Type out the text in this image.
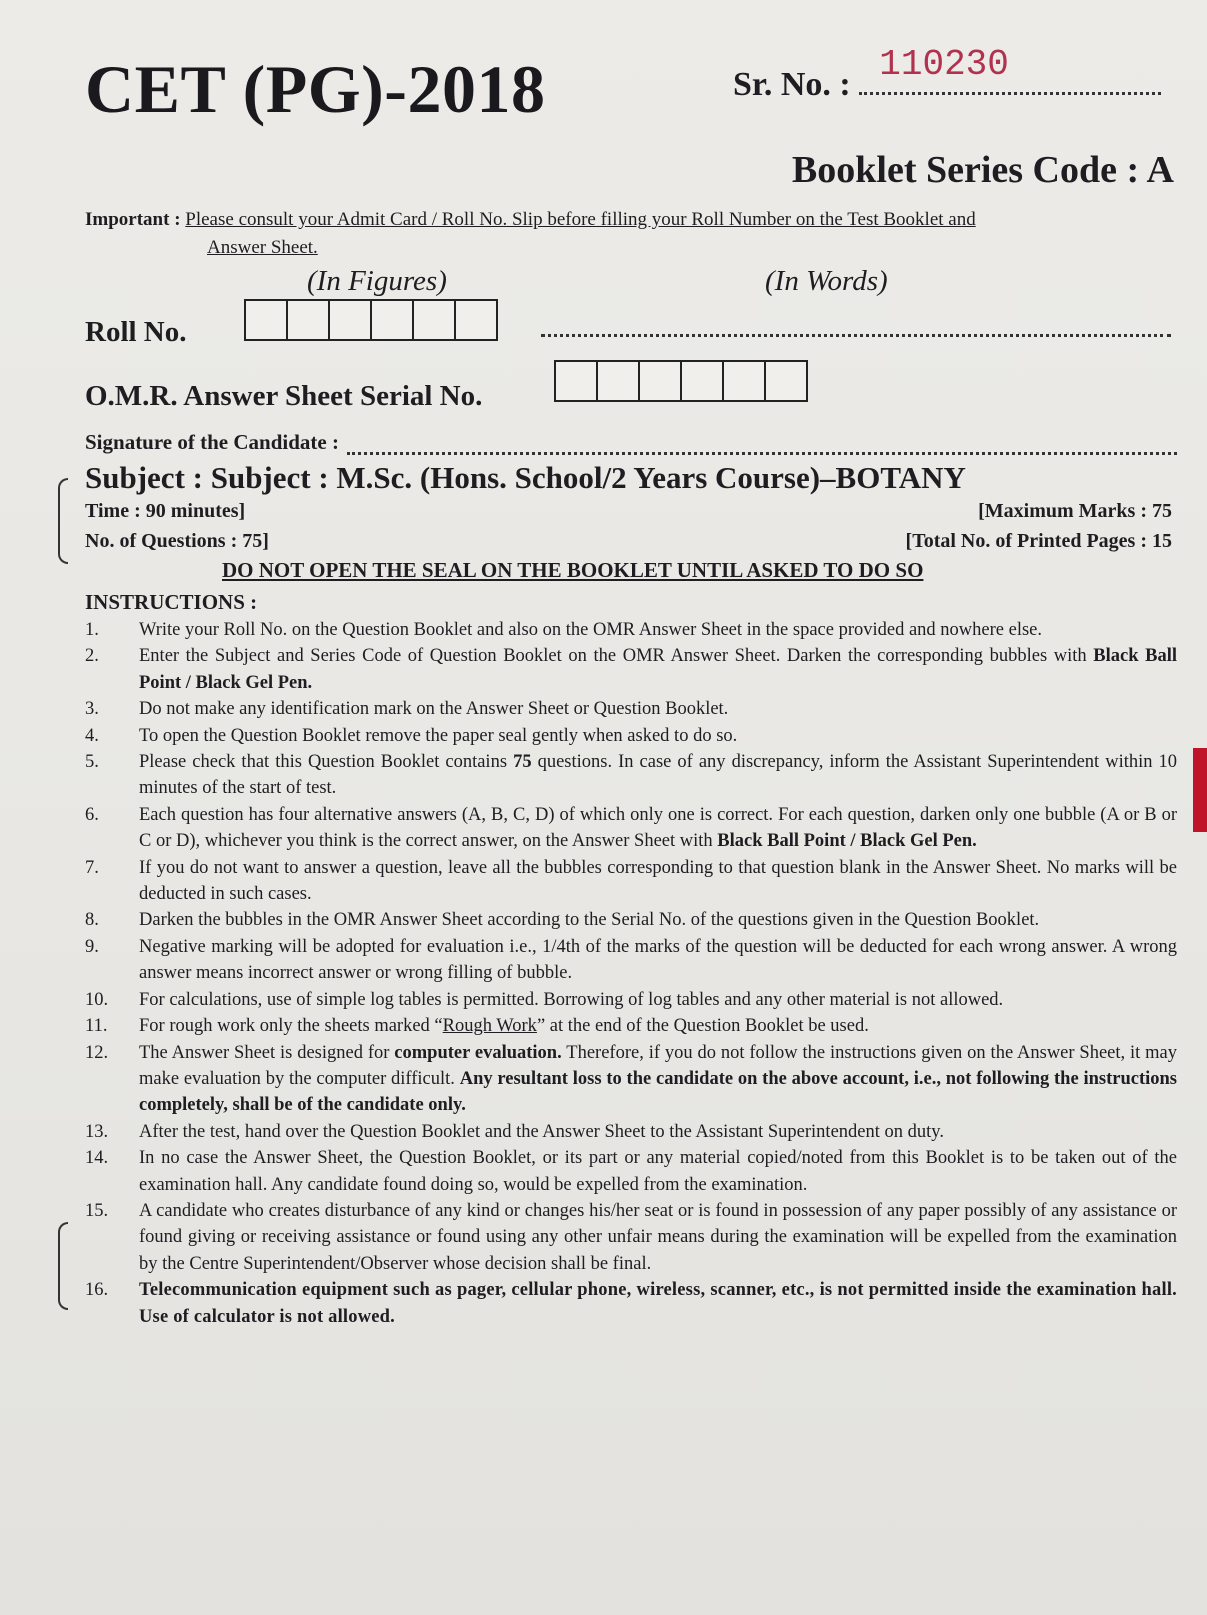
CET (PG)-2018	Sr. No. : 110230
Booklet Series Code : A
Important : Please consult your Admit Card / Roll No. Slip before filling your Roll Number on the Test Booklet and
Answer Sheet.
(In Figures)	(In Words)
Roll No.
O.M.R. Answer Sheet Serial No.
Signature of the Candidate :
Subject : Subject : M.Sc. (Hons. School/2 Years Course)–BOTANY
Time : 90 minutes]	[Maximum Marks : 75
No. of Questions : 75]	[Total No. of Printed Pages : 15
DO NOT OPEN THE SEAL ON THE BOOKLET UNTIL ASKED TO DO SO
INSTRUCTIONS :
1.	Write your Roll No. on the Question Booklet and also on the OMR Answer Sheet in the space provided and nowhere else.
2.	Enter the Subject and Series Code of Question Booklet on the OMR Answer Sheet. Darken the corresponding bubbles with Black Ball Point / Black Gel Pen.
3.	Do not make any identification mark on the Answer Sheet or Question Booklet.
4.	To open the Question Booklet remove the paper seal gently when asked to do so.
5.	Please check that this Question Booklet contains 75 questions. In case of any discrepancy, inform the Assistant Superintendent within 10 minutes of the start of test.
6.	Each question has four alternative answers (A, B, C, D) of which only one is correct. For each question, darken only one bubble (A or B or C or D), whichever you think is the correct answer, on the Answer Sheet with Black Ball Point / Black Gel Pen.
7.	If you do not want to answer a question, leave all the bubbles corresponding to that question blank in the Answer Sheet. No marks will be deducted in such cases.
8.	Darken the bubbles in the OMR Answer Sheet according to the Serial No. of the questions given in the Question Booklet.
9.	Negative marking will be adopted for evaluation i.e., 1/4th of the marks of the question will be deducted for each wrong answer. A wrong answer means incorrect answer or wrong filling of bubble.
10.	For calculations, use of simple log tables is permitted. Borrowing of log tables and any other material is not allowed.
11.	For rough work only the sheets marked “Rough Work” at the end of the Question Booklet be used.
12.	The Answer Sheet is designed for computer evaluation. Therefore, if you do not follow the instructions given on the Answer Sheet, it may make evaluation by the computer difficult. Any resultant loss to the candidate on the above account, i.e., not following the instructions completely, shall be of the candidate only.
13.	After the test, hand over the Question Booklet and the Answer Sheet to the Assistant Superintendent on duty.
14.	In no case the Answer Sheet, the Question Booklet, or its part or any material copied/noted from this Booklet is to be taken out of the examination hall. Any candidate found doing so, would be expelled from the examination.
15.	A candidate who creates disturbance of any kind or changes his/her seat or is found in possession of any paper possibly of any assistance or found giving or receiving assistance or found using any other unfair means during the examination will be expelled from the examination by the Centre Superintendent/Observer whose decision shall be final.
16.	Telecommunication equipment such as pager, cellular phone, wireless, scanner, etc., is not permitted inside the examination hall. Use of calculator is not allowed.
